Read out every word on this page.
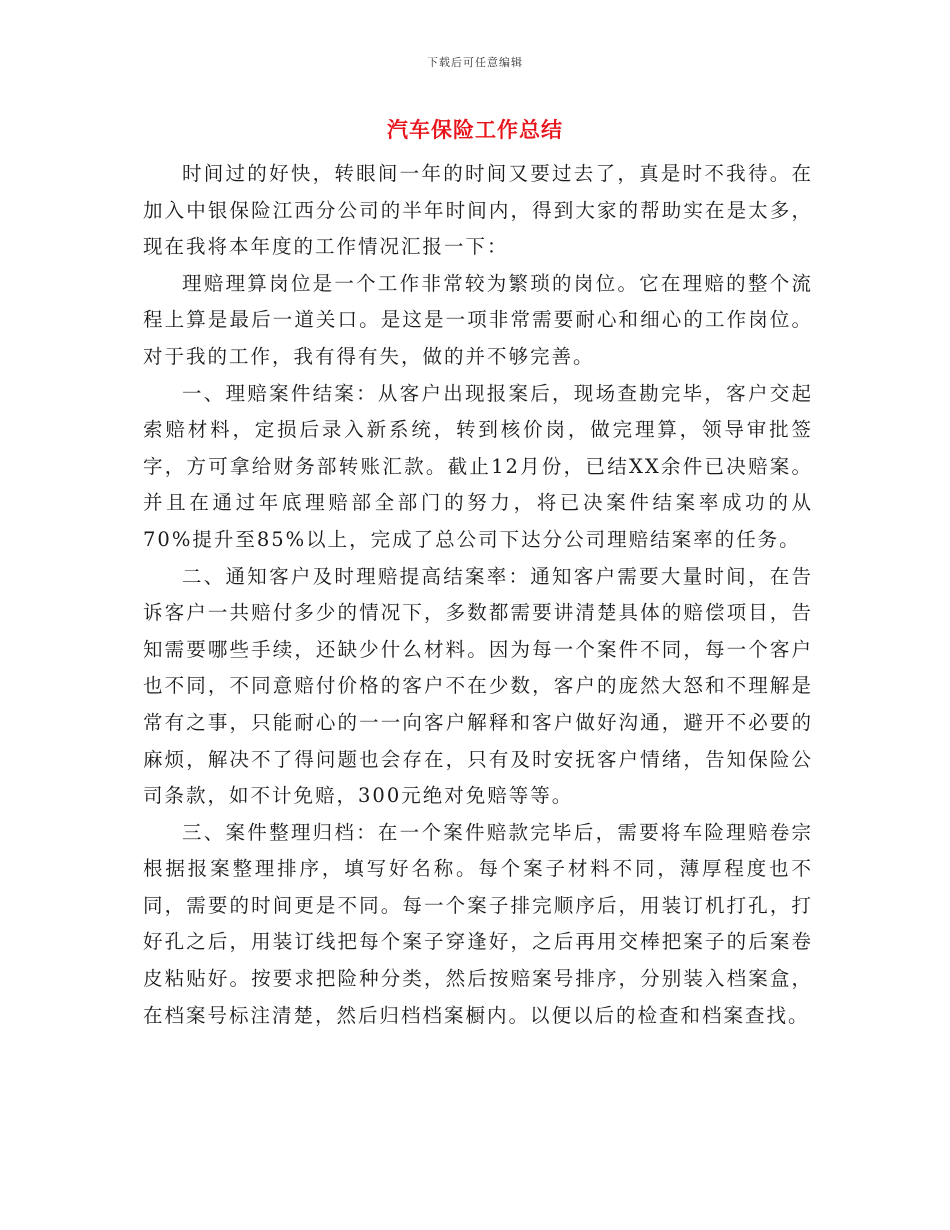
下载后可任意编辑
汽车保险工作总结

时间过的好快，转眼间一年的时间又要过去了，真是时不我待。在加入中银保险江西分公司的半年时间内，得到大家的帮助实在是太多，现在我将本年度的工作情况汇报一下：

理赔理算岗位是一个工作非常较为繁琐的岗位。它在理赔的整个流程上算是最后一道关口。是这是一项非常需要耐心和细心的工作岗位。对于我的工作，我有得有失，做的并不够完善。

一、理赔案件结案：从客户出现报案后，现场查勘完毕，客户交起索赔材料，定损后录入新系统，转到核价岗，做完理算，领导审批签字，方可拿给财务部转账汇款。截止12月份，已结XX余件已决赔案。并且在通过年底理赔部全部门的努力，将已决案件结案率成功的从70%提升至85%以上，完成了总公司下达分公司理赔结案率的任务。

二、通知客户及时理赔提高结案率：通知客户需要大量时间，在告诉客户一共赔付多少的情况下，多数都需要讲清楚具体的赔偿项目，告知需要哪些手续，还缺少什么材料。因为每一个案件不同，每一个客户也不同，不同意赔付价格的客户不在少数，客户的庞然大怒和不理解是常有之事，只能耐心的一一向客户解释和客户做好沟通，避开不必要的麻烦，解决不了得问题也会存在，只有及时安抚客户情绪，告知保险公司条款，如不计免赔，300元绝对免赔等等。

三、案件整理归档：在一个案件赔款完毕后，需要将车险理赔卷宗根据报案整理排序，填写好名称。每个案子材料不同，薄厚程度也不同，需要的时间更是不同。每一个案子排完顺序后，用装订机打孔，打好孔之后，用装订线把每个案子穿逢好，之后再用交棒把案子的后案卷皮粘贴好。按要求把险种分类，然后按赔案号排序，分别装入档案盒，在档案号标注清楚，然后归档档案橱内。以便以后的检查和档案查找。
